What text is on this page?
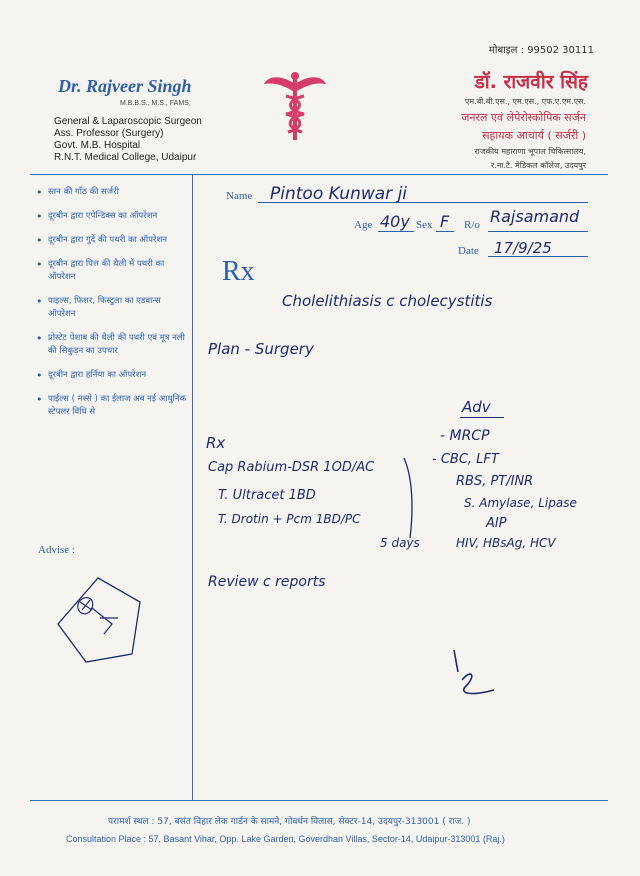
मोबाइल : 99502 30111
Dr. Rajveer Singh
M.B.B.S., M.S., FAMS,
General & Laparoscopic Surgeon
Ass. Professor (Surgery)
Govt. M.B. Hospital
R.N.T. Medical College, Udaipur
डॉ. राजवीर सिंह
एम.बी.बी.एस., एम.एस., एफ.ए.एम.एस.
जनरल एवं लेपेरोस्कोपिक सर्जन
सहायक आचार्य ( सर्जरी )
राजकीय महाराणा भूपाल चिकित्सालय,
र.ना.टै. मेडिकल कॉलेज, उदयपुर
• स्तन की गाँठ की सर्जरी
• दूरबीन द्वारा एपेन्डिक्स का ऑपरेशन
• दूरबीन द्वारा गुर्दे की पथरी का ऑपरेशन
• दूरबीन द्वारा पित्त की थैली में पथरी का ऑपरेशन
• पाइल्स, फिशर, फिस्टुला का एडवान्स ऑपरेशन
• प्रोस्टेट पेशाब की थैली की पथरी एवं मूत्र नली की सिकुड़न का उपचार
• दूरबीन द्वारा हर्निया का ऑपरेशन
• पाईल्स ( मस्से ) का ईलाज अब नई आधुनिक स्टेपलर विधि से
Advise :
Name Pintoo Kunwar ji
Age 40y Sex F R/o Rajsamand
Date 17/9/25
Rx
Cholelithiasis c cholecystitis
Plan - Surgery
Adv
- MRCP
- CBC, LFT
RBS, PT/INR
S. Amylase, Lipase
AIP
HIV, HBsAg, HCV
Rx
Cap Rabium-DSR 1OD/AC
T. Ultracet 1BD
T. Drotin + Pcm 1BD/PC
5 days
Review c reports
परामर्श स्थल : 57, बसंत विहार लेक गार्डन के सामने, गोवर्धन विलास, सेक्टर-14, उदयपुर-313001 ( राज. )
Consultation Place : 57, Basant Vihar, Opp. Lake Garden, Goverdhan Villas, Sector-14, Udaipur-313001 (Raj.)
